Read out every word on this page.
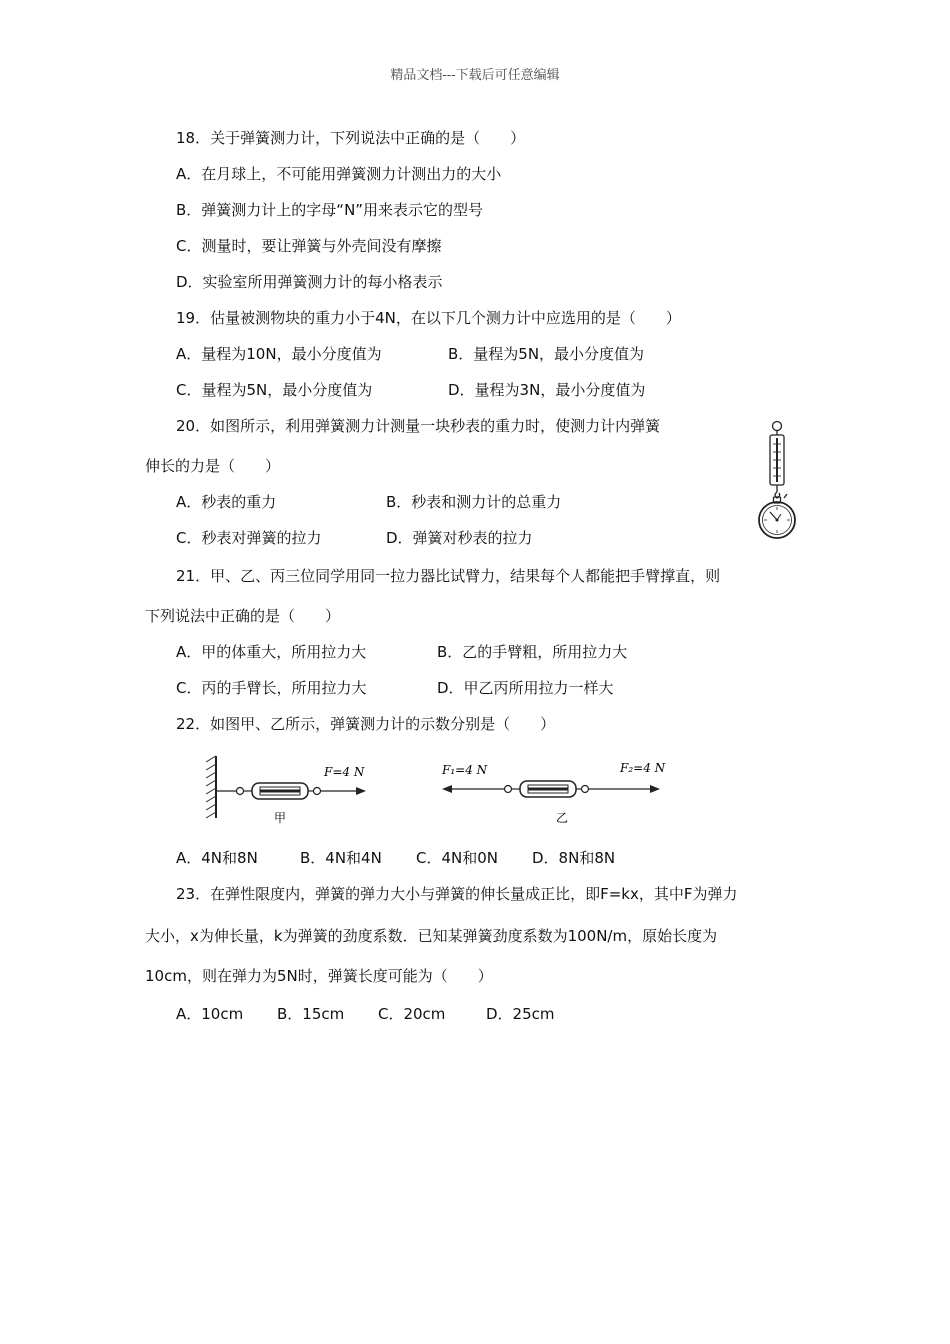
精品文档---下载后可任意编辑
18．关于弹簧测力计，下列说法中正确的是（　　）
A．在月球上，不可能用弹簧测力计测出力的大小
B．弹簧测力计上的字母“N”用来表示它的型号
C．测量时，要让弹簧与外壳间没有摩擦
D．实验室所用弹簧测力计的每小格表示
19．估量被测物块的重力小于4N，在以下几个测力计中应选用的是（　　）
A．量程为10N，最小分度值为	B．量程为5N，最小分度值为
C．量程为5N，最小分度值为	D．量程为3N，最小分度值为
20．如图所示，利用弹簧测力计测量一块秒表的重力时，使测力计内弹簧
伸长的力是（　　）
A．秒表的重力	B．秒表和测力计的总重力
C．秒表对弹簧的拉力	D．弹簧对秒表的拉力
21．甲、乙、丙三位同学用同一拉力器比试臂力，结果每个人都能把手臂撑直，则
下列说法中正确的是（　　）
A．甲的体重大，所用拉力大	B．乙的手臂粗，所用拉力大
C．丙的手臂长，所用拉力大	D．甲乙丙所用拉力一样大
22．如图甲、乙所示，弹簧测力计的示数分别是（　　）
F=4 N
甲
F₁=4 N	F₂=4 N
乙
A．4N和8N	B．4N和4N C．4N和0N D．8N和8N
23．在弹性限度内，弹簧的弹力大小与弹簧的伸长量成正比，即F=kx，其中F为弹力
大小，x为伸长量，k为弹簧的劲度系数．已知某弹簧劲度系数为100N/m，原始长度为
10cm，则在弹力为5N时，弹簧长度可能为（　　）
A．10cm B．15cm C．20cm	D．25cm
